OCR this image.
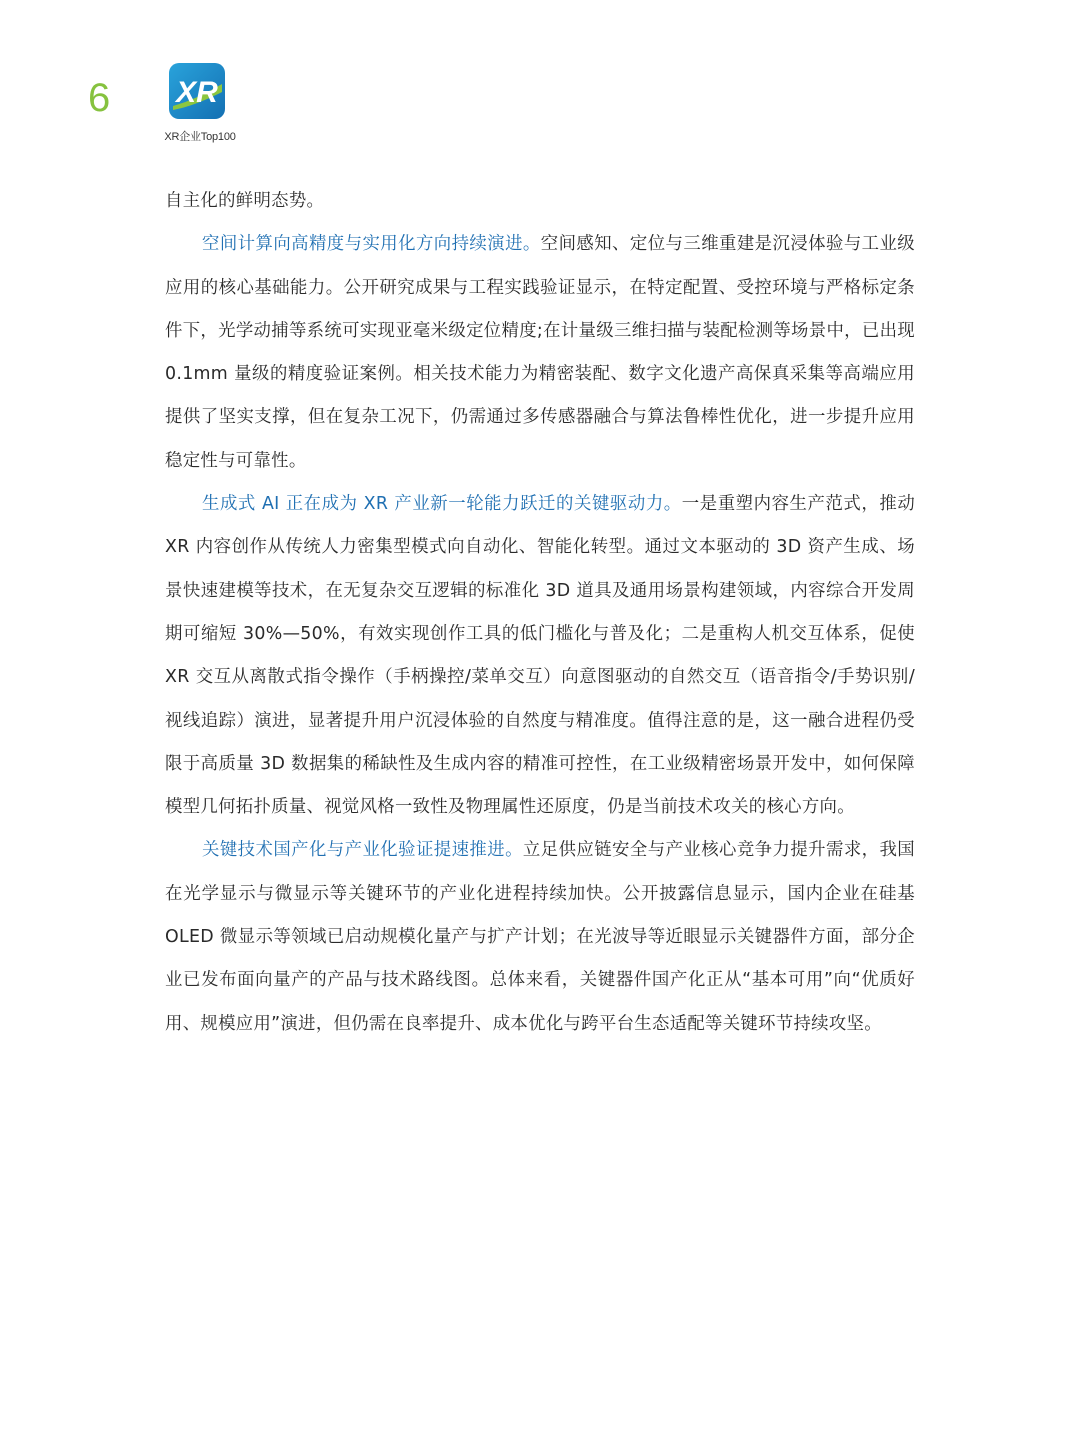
6 XR
XR企业Top100

自主化的鲜明态势。

空间计算向高精度与实用化方向持续演进。空间感知、定位与三维重建是沉浸体验与工业级应用的核心基础能力。公开研究成果与工程实践验证显示，在特定配置、受控环境与严格标定条件下，光学动捕等系统可实现亚毫米级定位精度;在计量级三维扫描与装配检测等场景中，已出现 0.1mm 量级的精度验证案例。相关技术能力为精密装配、数字文化遗产高保真采集等高端应用提供了坚实支撑，但在复杂工况下，仍需通过多传感器融合与算法鲁棒性优化，进一步提升应用稳定性与可靠性。

生成式 AI 正在成为 XR 产业新一轮能力跃迁的关键驱动力。一是重塑内容生产范式，推动 XR 内容创作从传统人力密集型模式向自动化、智能化转型。通过文本驱动的 3D 资产生成、场景快速建模等技术，在无复杂交互逻辑的标准化 3D 道具及通用场景构建领域，内容综合开发周期可缩短 30%—50%，有效实现创作工具的低门槛化与普及化；二是重构人机交互体系，促使 XR 交互从离散式指令操作（手柄操控/菜单交互）向意图驱动的自然交互（语音指令/手势识别/视线追踪）演进，显著提升用户沉浸体验的自然度与精准度。值得注意的是，这一融合进程仍受限于高质量 3D 数据集的稀缺性及生成内容的精准可控性，在工业级精密场景开发中，如何保障模型几何拓扑质量、视觉风格一致性及物理属性还原度，仍是当前技术攻关的核心方向。

关键技术国产化与产业化验证提速推进。立足供应链安全与产业核心竞争力提升需求，我国在光学显示与微显示等关键环节的产业化进程持续加快。公开披露信息显示，国内企业在硅基 OLED 微显示等领域已启动规模化量产与扩产计划；在光波导等近眼显示关键器件方面，部分企业已发布面向量产的产品与技术路线图。总体来看，关键器件国产化正从“基本可用”向“优质好用、规模应用”演进，但仍需在良率提升、成本优化与跨平台生态适配等关键环节持续攻坚。
